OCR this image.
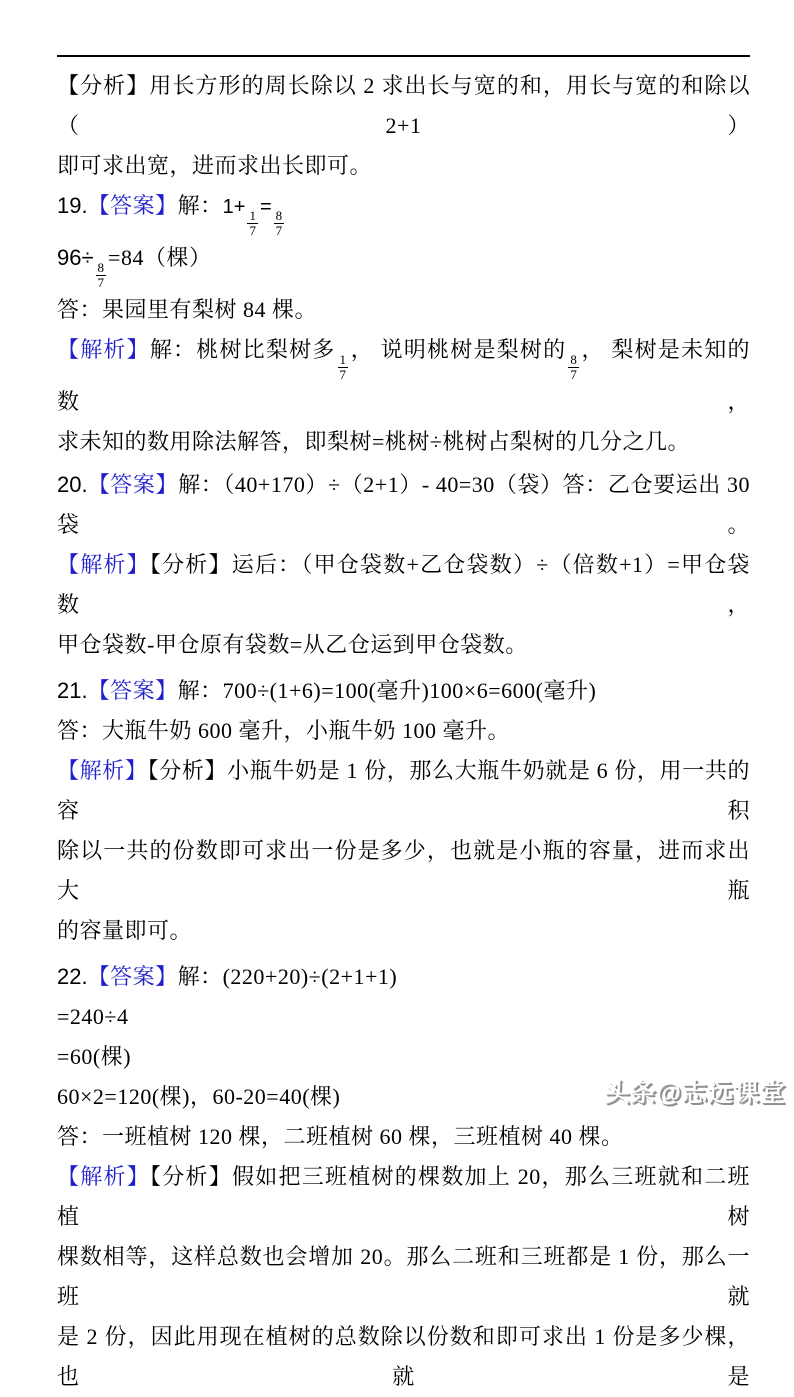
【分析】用长方形的周长除以 2 求出长与宽的和，用长与宽的和除以（2+1）
即可求出宽，进而求出长即可。
19.【答案】解：1+
$\frac{1}{7}$
=
$\frac{8}{7}$
96÷
$\frac{8}{7}$
=84（棵）
答：果园里有梨树 84 棵。
【解析】解：桃树比梨树多
$\frac{1}{7}$
， 说明桃树是梨树的
$\frac{8}{7}$
， 梨树是未知的数，
求未知的数用除法解答，即梨树=桃树÷桃树占梨树的几分之几。
20.【答案】解：（40+170）÷（2+1）- 40=30（袋）答：乙仓要运出 30 袋。
【解析】【分析】运后：（甲仓袋数+乙仓袋数）÷（倍数+1）=甲仓袋数，
甲仓袋数-甲仓原有袋数=从乙仓运到甲仓袋数。
21.【答案】解：700÷(1+6)=100(毫升)100×6=600(毫升)
答：大瓶牛奶 600 毫升，小瓶牛奶 100 毫升。
【解析】【分析】小瓶牛奶是 1 份，那么大瓶牛奶就是 6 份，用一共的容积
除以一共的份数即可求出一份是多少，也就是小瓶的容量，进而求出大瓶
的容量即可。
22.【答案】解：(220+20)÷(2+1+1)
=240÷4
=60(棵)
60×2=120(棵)，60-20=40(棵)
答：一班植树 120 棵，二班植树 60 棵，三班植树 40 棵。
【解析】【分析】假如把三班植树的棵数加上 20，那么三班就和二班植树
棵数相等，这样总数也会增加 20。那么二班和三班都是 1 份，那么一班就
是 2 份，因此用现在植树的总数除以份数和即可求出 1 份是多少棵，也就是
头条@志远课堂
